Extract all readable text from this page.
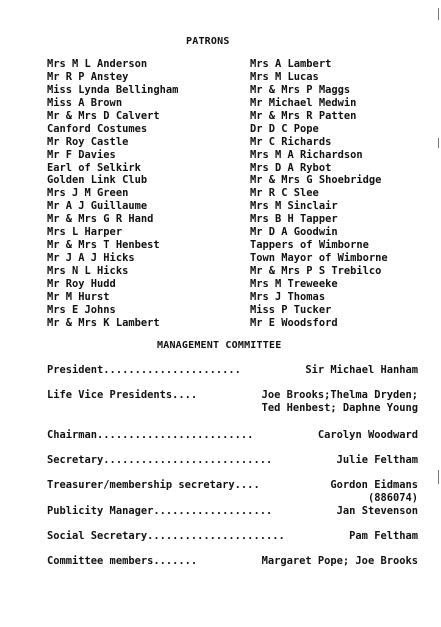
PATRONS
Mrs M L Anderson
Mr R P Anstey
Miss Lynda Bellingham
Miss A Brown
Mr & Mrs D Calvert
Canford Costumes
Mr Roy Castle
Mr F Davies
Earl of Selkirk
Golden Link Club
Mrs J M Green
Mr A J Guillaume
Mr & Mrs G R Hand
Mrs L Harper
Mr & Mrs T Henbest
Mr J A J Hicks
Mrs N L Hicks
Mr Roy Hudd
Mr M Hurst
Mrs E Johns
Mr & Mrs K Lambert
Mrs A Lambert
Mrs M Lucas
Mr & Mrs P Maggs
Mr Michael Medwin
Mr & Mrs R Patten
Dr D C Pope
Mr C Richards
Mrs M A Richardson
Mrs D A Rybot
Mr & Mrs G Shoebridge
Mr R C Slee
Mrs M Sinclair
Mrs B H Tapper
Mr D A Goodwin
Tappers of Wimborne
Town Mayor of Wimborne
Mr & Mrs P S Trebilco
Mrs M Treweeke
Mrs J Thomas
Miss P Tucker
Mr E Woodsford
MANAGEMENT COMMITTEE
President......................	Sir Michael Hanham
Life Vice Presidents....	Joe Brooks;Thelma Dryden;
Ted Henbest; Daphne Young
Chairman.........................	Carolyn Woodward
Secretary...........................	Julie Feltham
Treasurer/membership secretary....	Gordon Eidmans
(886074)
Publicity Manager...................	Jan Stevenson
Social Secretary......................	Pam Feltham
Committee members.......	Margaret Pope; Joe Brooks
